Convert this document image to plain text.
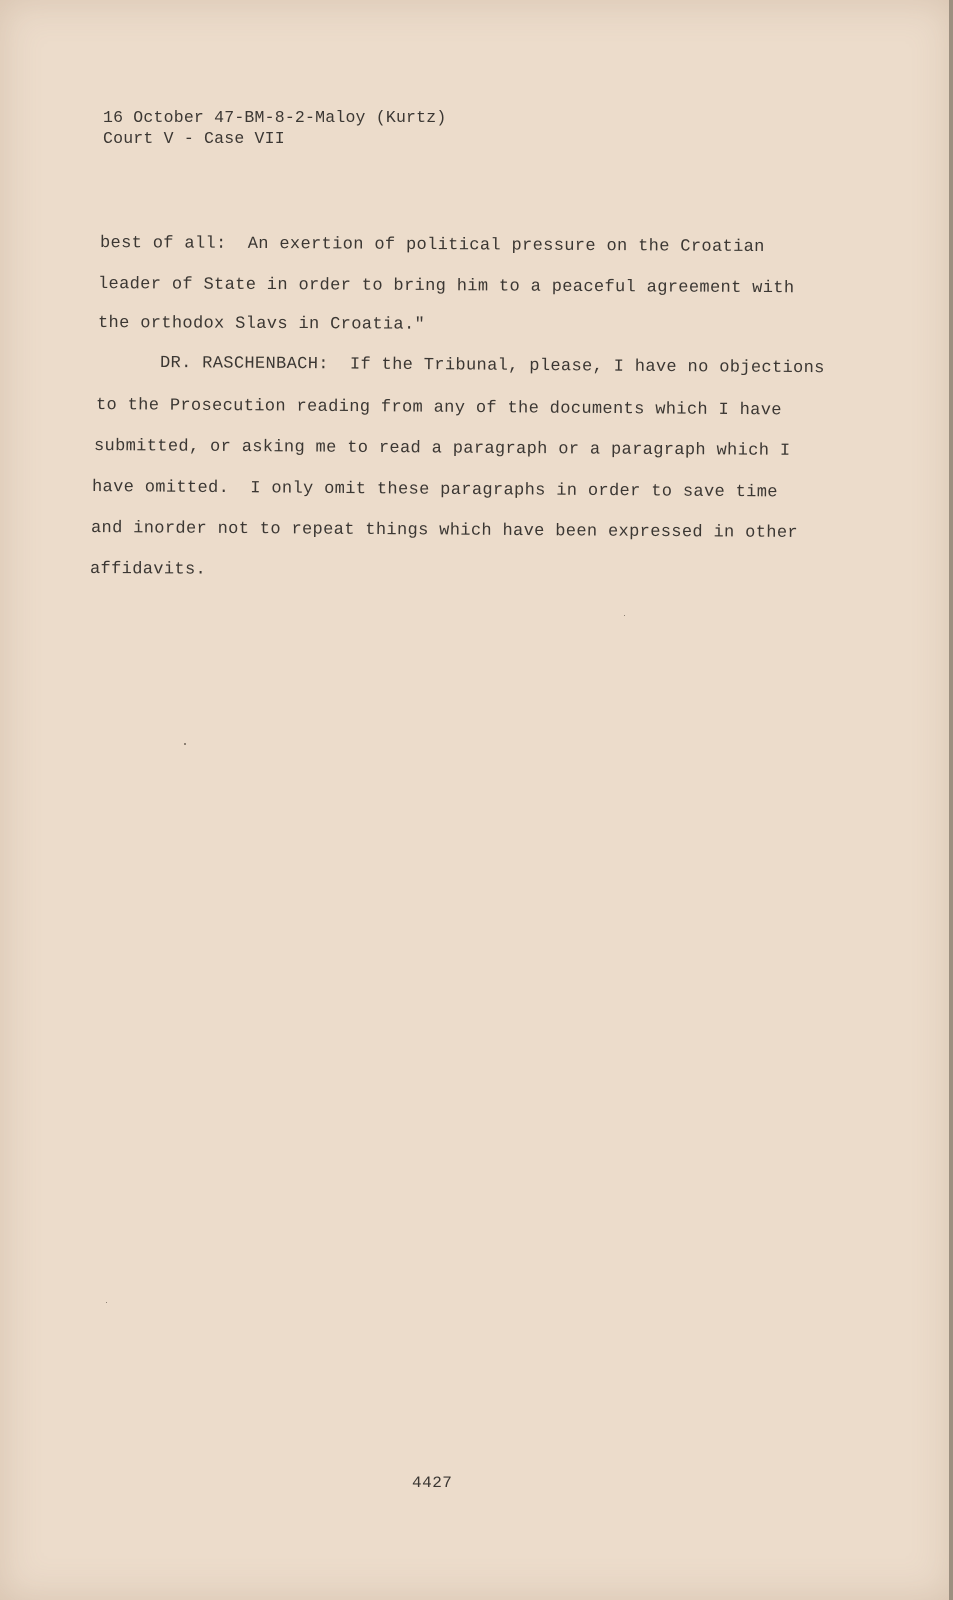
16 October 47-BM-8-2-Maloy (Kurtz)
Court V - Case VII
best of all:  An exertion of political pressure on the Croatian
leader of State in order to bring him to a peaceful agreement with
the orthodox Slavs in Croatia."
DR. RASCHENBACH:  If the Tribunal, please, I have no objections
to the Prosecution reading from any of the documents which I have
submitted, or asking me to read a paragraph or a paragraph which I
have omitted.  I only omit these paragraphs in order to save time
and inorder not to repeat things which have been expressed in other
affidavits.
4427
